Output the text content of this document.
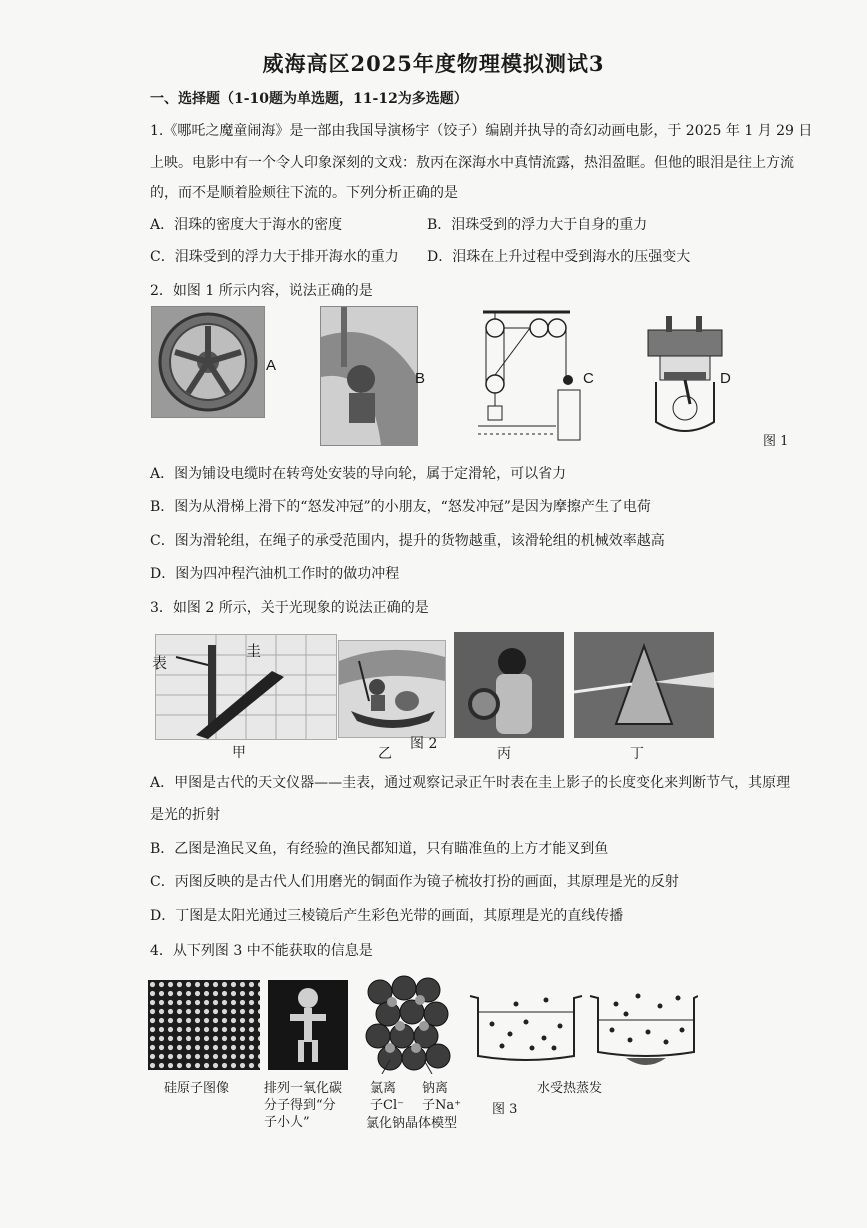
威海高区2025年度物理模拟测试3
一、选择题（1-10题为单选题，11-12为多选题）
1.《哪吒之魔童闹海》是一部由我国导演杨宇（饺子）编剧并执导的奇幻动画电影，于 2025 年 1 月 29 日
上映。电影中有一个令人印象深刻的文戏：敖丙在深海水中真情流露，热泪盈眶。但他的眼泪是往上方流
的，而不是顺着脸颊往下流的。下列分析正确的是
A．泪珠的密度大于海水的密度	B．泪珠受到的浮力大于自身的重力
C．泪珠受到的浮力大于排开海水的重力 D．泪珠在上升过程中受到海水的压强变大
2．如图 1 所示内容，说法正确的是
A
B	C	D
图 1
A．图为铺设电缆时在转弯处安装的导向轮，属于定滑轮，可以省力
B．图为从滑梯上滑下的“怒发冲冠”的小朋友，“怒发冲冠”是因为摩擦产生了电荷
C．图为滑轮组，在绳子的承受范围内，提升的货物越重，该滑轮组的机械效率越高
D．图为四冲程汽油机工作时的做功冲程
3．如图 2 所示，关于光现象的说法正确的是
表
圭
甲	乙
图 2
丙	丁
A．甲图是古代的天文仪器——圭表，通过观察记录正午时表在圭上影子的长度变化来判断节气，其原理
是光的折射
B．乙图是渔民叉鱼，有经验的渔民都知道，只有瞄准鱼的上方才能叉到鱼
C．丙图反映的是古代人们用磨光的铜面作为镜子梳妆打扮的画面，其原理是光的反射
D．丁图是太阳光通过三棱镜后产生彩色光带的画面，其原理是光的直线传播
4．从下列图 3 中不能获取的信息是
硅原子图像	排列一氧化碳
分子得到“分
子小人”
氯离
子Cl⁻
钠离
子Na⁺
氯化钠晶体模型
水受热蒸发
图 3
